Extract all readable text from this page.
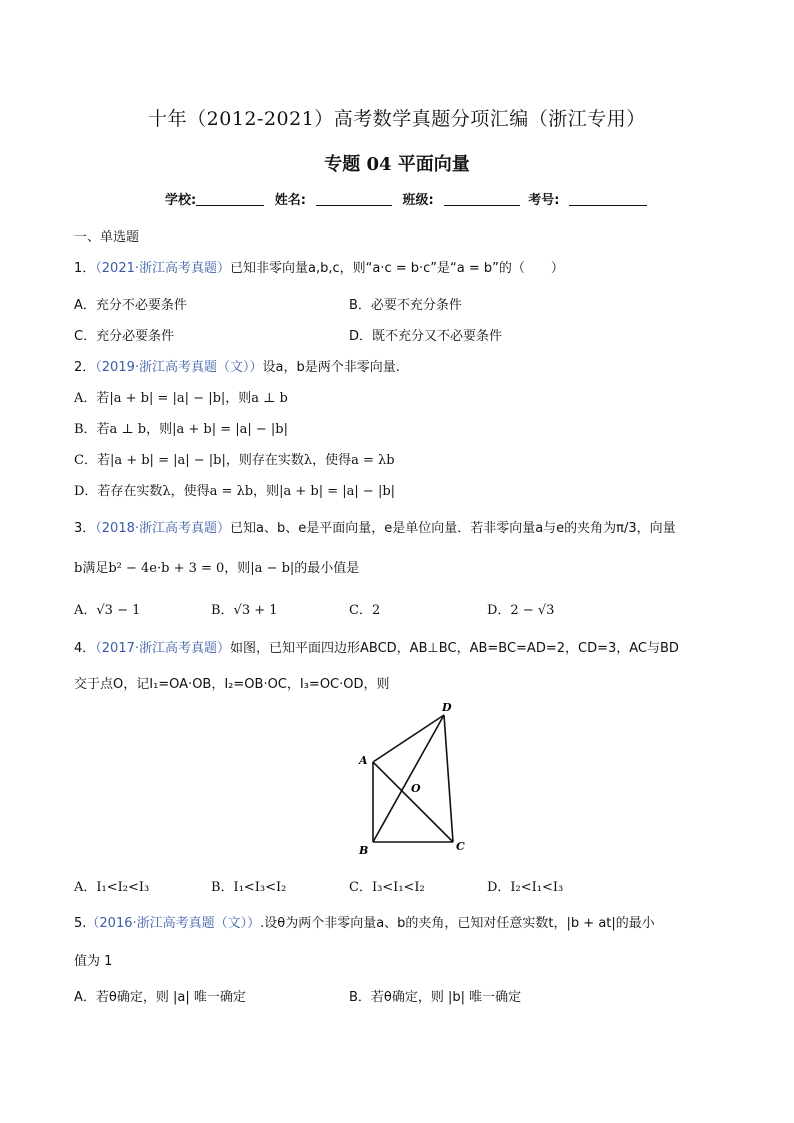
十年（2012-2021）高考数学真题分项汇编（浙江专用）
专题 04 平面向量
学校:	姓名:	班级:	考号:
一、单选题
1．（2021·浙江高考真题）已知非零向量a,b,c，则“a·c = b·c”是“a = b”的（　　）
A．充分不必要条件	B．必要不充分条件
C．充分必要条件	D．既不充分又不必要条件
2．（2019·浙江高考真题（文））设a，b是两个非零向量.
A．若|a + b| = |a| − |b|，则a ⊥ b
B．若a ⊥ b，则|a + b| = |a| − |b|
C．若|a + b| = |a| − |b|，则存在实数λ，使得a = λb
D．若存在实数λ，使得a = λb，则|a + b| = |a| − |b|
3．（2018·浙江高考真题）已知a、b、e是平面向量，e是单位向量．若非零向量a与e的夹角为π/3，向量
b满足b² − 4e·b + 3 = 0，则|a − b|的最小值是
A．√3 − 1	B．√3 + 1	C．2	D．2 − √3
4．（2017·浙江高考真题）如图，已知平面四边形ABCD，AB⊥BC，AB=BC=AD=2，CD=3，AC与BD
交于点O，记I₁=OA·OB，I₂=OB·OC，I₃=OC·OD，则
A
B	C
D
O
A．I₁<I₂<I₃	B．I₁<I₃<I₂	C．I₃<I₁<I₂	D．I₂<I₁<I₃
5.（2016·浙江高考真题（文））.设θ为两个非零向量a、b的夹角，已知对任意实数t，|b + at|的最小
值为 1
A．若θ确定，则 |a| 唯一确定	B．若θ确定，则 |b| 唯一确定
